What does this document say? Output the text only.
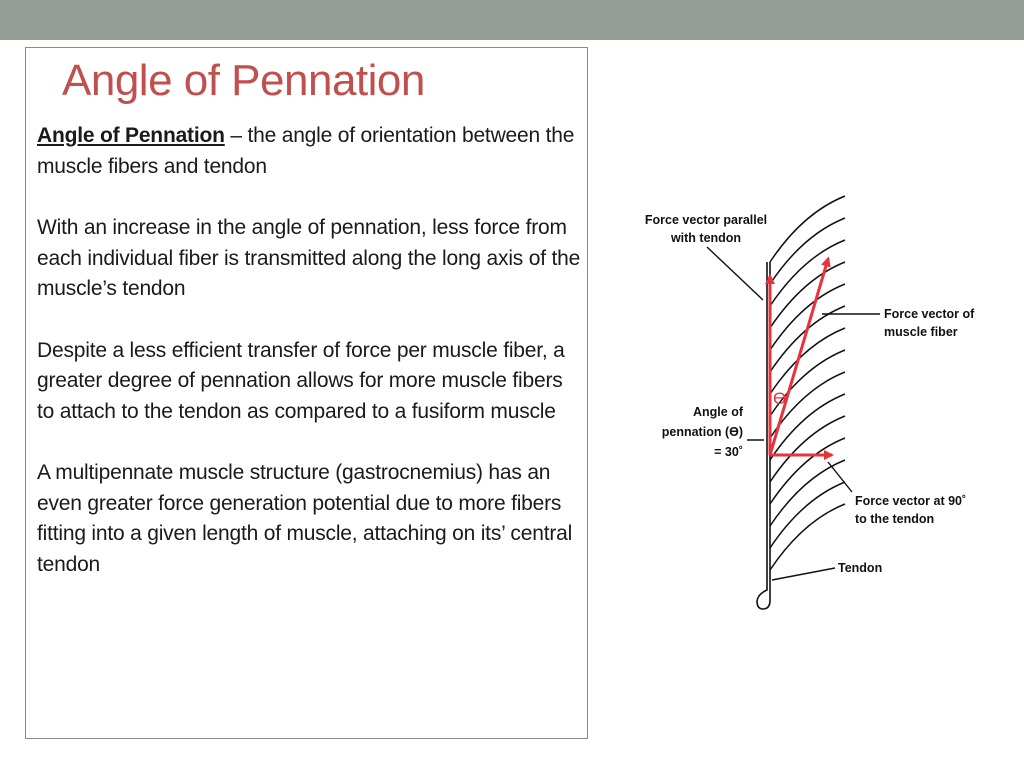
Angle of Pennation

Angle of Pennation – the angle of orientation between the muscle fibers and tendon

With an increase in the angle of pennation, less force from each individual fiber is transmitted along the long axis of the muscle’s tendon

Despite a less efficient transfer of force per muscle fiber, a greater degree of pennation allows for more muscle fibers to attach to the tendon as compared to a fusiform muscle

A multipennate muscle structure (gastrocnemius) has an even greater force generation potential due to more fibers fitting into a given length of muscle, attaching on its’ central tendon

ϴ
Force vector parallel
with tendon
Force vector of
muscle fiber
Angle of
pennation (ϴ)
= 30˚
Force vector at 90˚
to the tendon
Tendon
